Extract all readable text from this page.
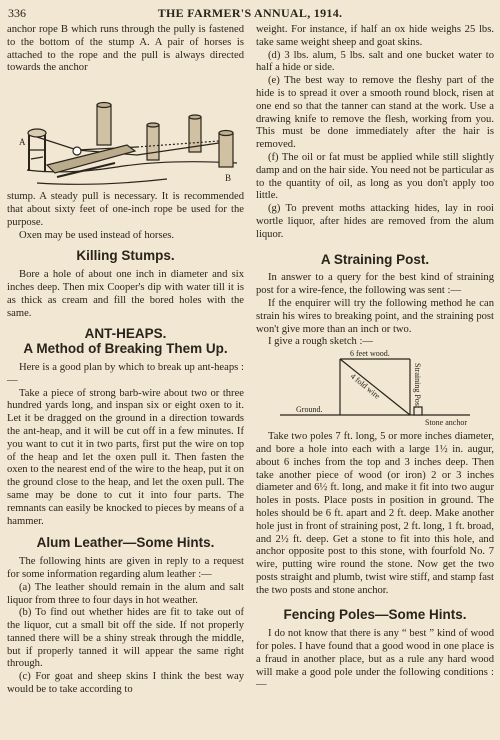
336	THE FARMER'S ANNUAL, 1914.

anchor rope B which runs through the pully is fastened to the bottom of the stump A. A pair of horses is attached to the rope and the pull is always directed towards the anchor

A
B

stump. A steady pull is necessary. It is recommended that about sixty feet of one-inch rope be used for the purpose.

Oxen may be used instead of horses.

Killing Stumps.

Bore a hole of about one inch in diameter and six inches deep. Then mix Cooper's dip with water till it is as thick as cream and fill the bored holes with the same.

ANT-HEAPS.
A Method of Breaking Them Up.

Here is a good plan by which to break up ant-heaps :—

Take a piece of strong barb-wire about two or three hundred yards long, and inspan six or eight oxen to it. Let it be dragged on the ground in a direction towards the ant-heap, and it will be cut off in a few minutes. If you want to cut it in two parts, first put the wire on top of the heap and let the oxen pull it. Then fasten the oxen to the nearest end of the wire to the heap, put it on the ground close to the heap, and let the oxen pull. The same may be done to cut it into four parts. The remnants can easily be knocked to pieces by means of a hammer.

Alum Leather—Some Hints.

The following hints are given in reply to a request for some information regarding alum leather :—

(a) The leather should remain in the alum and salt liquor from three to four days in hot weather.

(b) To find out whether hides are fit to take out of the liquor, cut a small bit off the side. If not properly tanned there will be a shiny streak through the middle, but if properly tanned it will appear the same right through.

(c) For goat and sheep skins I think the best way would be to take according to

weight. For instance, if half an ox hide weighs 25 lbs. take same weight sheep and goat skins.

(d) 3 lbs. alum, 5 lbs. salt and one bucket water to half a hide or side.

(e) The best way to remove the fleshy part of the hide is to spread it over a smooth round block, risen at one end so that the tanner can stand at the work. Use a drawing knife to remove the flesh, working from you. This must be done immediately after the hair is removed.

(f) The oil or fat must be applied while still slightly damp and on the hair side. You need not be particular as to the quantity of oil, as long as you don't apply too little.

(g) To prevent moths attacking hides, lay in rooi wortle liquor, after hides are removed from the alum liquor.

A Straining Post.

In answer to a query for the best kind of straining post for a wire-fence, the following was sent :—

If the enquirer will try the following method he can strain his wires to breaking point, and the straining post won't give more than an inch or two.

I give a rough sketch :—

6 feet wood.
4 fold wire	Straining Post
Ground.
Stone anchor

Take two poles 7 ft. long, 5 or more inches diameter, and bore a hole into each with a large 1½ in. augur, about 6 inches from the top and 3 inches deep. Then take another piece of wood (or iron) 2 or 3 inches diameter and 6½ ft. long, and make it fit into two augur holes in posts. Place posts in position in ground. The holes should be 6 ft. apart and 2 ft. deep. Make another hole just in front of straining post, 2 ft. long, 1 ft. broad, and 2½ ft. deep. Get a stone to fit into this hole, and anchor opposite post to this stone, with fourfold No. 7 wire, putting wire round the stone. Now get the two posts straight and plumb, twist wire stiff, and stamp fast the two posts and stone anchor.

Fencing Poles—Some Hints.

I do not know that there is any “ best ” kind of wood for poles. I have found that a good wood in one place is a fraud in another place, but as a rule any hard wood will make a good pole under the following conditions :—
